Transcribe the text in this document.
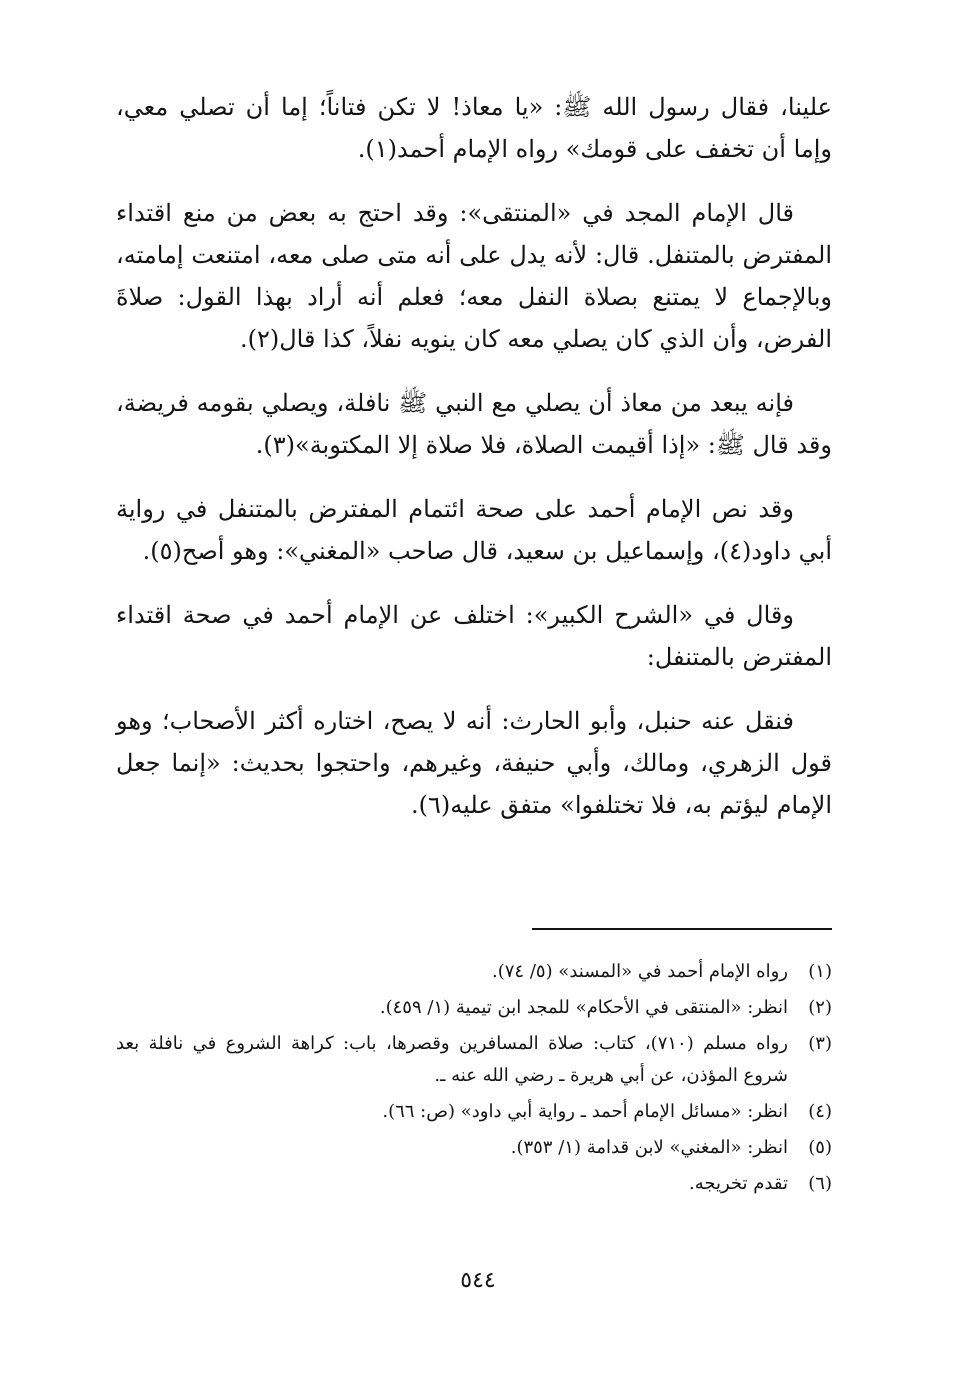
علينا، فقال رسول الله ﷺ: «يا معاذ! لا تكن فتاناً؛ إما أن تصلي معي، وإما أن تخفف على قومك» رواه الإمام أحمد(١).

قال الإمام المجد في «المنتقى»: وقد احتج به بعض من منع اقتداء المفترض بالمتنفل. قال: لأنه يدل على أنه متى صلى معه، امتنعت إمامته، وبالإجماع لا يمتنع بصلاة النفل معه؛ فعلم أنه أراد بهذا القول: صلاةَ الفرض، وأن الذي كان يصلي معه كان ينويه نفلاً، كذا قال(٢).

فإنه يبعد من معاذ أن يصلي مع النبي ﷺ نافلة، ويصلي بقومه فريضة، وقد قال ﷺ: «إذا أقيمت الصلاة، فلا صلاة إلا المكتوبة»(٣).

وقد نص الإمام أحمد على صحة ائتمام المفترض بالمتنفل في رواية أبي داود(٤)، وإسماعيل بن سعيد، قال صاحب «المغني»: وهو أصح(٥).

وقال في «الشرح الكبير»: اختلف عن الإمام أحمد في صحة اقتداء المفترض بالمتنفل:

فنقل عنه حنبل، وأبو الحارث: أنه لا يصح، اختاره أكثر الأصحاب؛ وهو قول الزهري، ومالك، وأبي حنيفة، وغيرهم، واحتجوا بحديث: «إنما جعل الإمام ليؤتم به، فلا تختلفوا» متفق عليه(٦).

(١)
رواه الإمام أحمد في «المسند» (٥/ ٧٤).
(٢)
انظر: «المنتقى في الأحكام» للمجد ابن تيمية (١/ ٤٥٩).
(٣)
رواه مسلم (٧١٠)، كتاب: صلاة المسافرين وقصرها، باب: كراهة الشروع في نافلة بعد شروع المؤذن، عن أبي هريرة ـ رضي الله عنه ـ.
(٤)
انظر: «مسائل الإمام أحمد ـ رواية أبي داود» (ص: ٦٦).
(٥)
انظر: «المغني» لابن قدامة (١/ ٣٥٣).
(٦)
تقدم تخريجه.
٥٤٤
